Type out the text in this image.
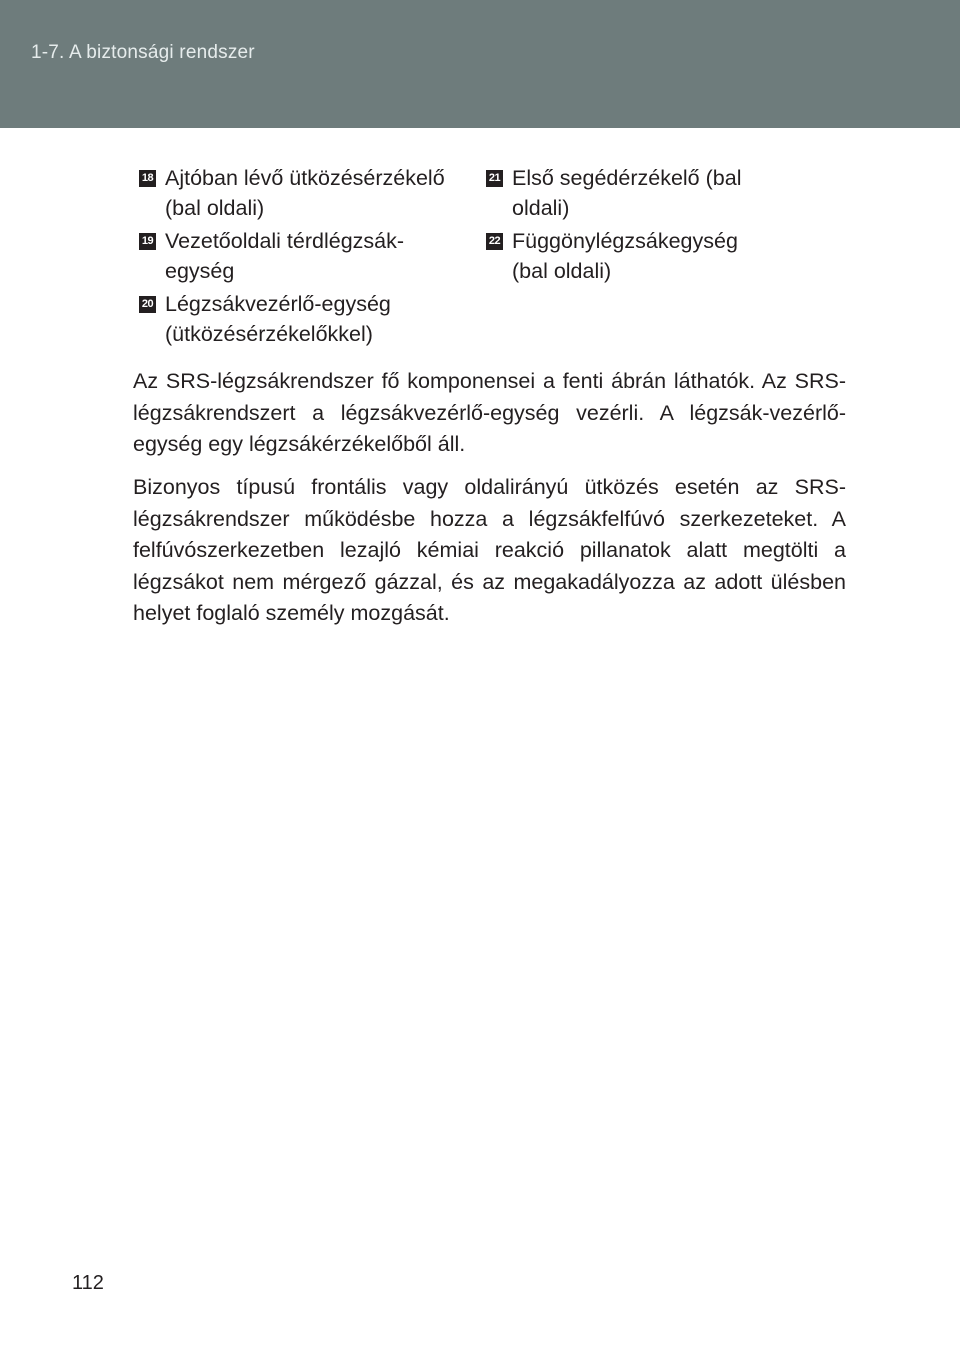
1-7. A biztonsági rendszer
18 Ajtóban lévő ütközésérzékelő
(bal oldali)
19 Vezetőoldali térdlégzsák-
egység
20 Légzsákvezérlő-egység
(ütközésérzékelőkkel)
21 Első segédérzékelő (bal
oldali)
22 Függönylégzsákegység
(bal oldali)

Az SRS-légzsákrendszer fő komponensei a fenti ábrán láthatók. Az SRS-légzsákrendszert a légzsákvezérlő-egység vezérli. A légzsák-vezérlő-egység egy légzsákérzékelőből áll.

Bizonyos típusú frontális vagy oldalirányú ütközés esetén az SRS-légzsákrendszer működésbe hozza a légzsákfelfúvó szerkezeteket. A felfúvószerkezetben lezajló kémiai reakció pillanatok alatt megtölti a légzsákot nem mérgező gázzal, és az megakadályozza az adott ülésben helyet foglaló személy mozgását.

112
